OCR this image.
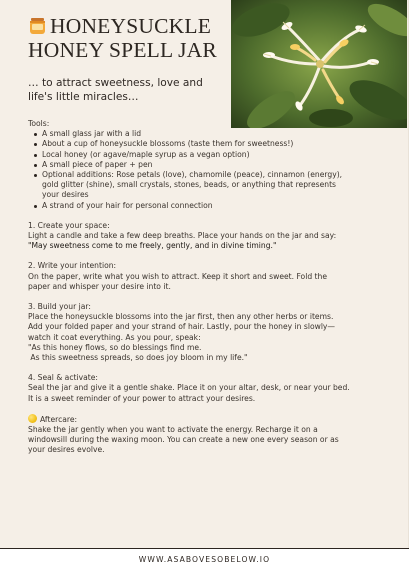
HONEYSUCKLE
HONEY SPELL JAR
… to attract sweetness, love and life's little miracles…

Tools:

A small glass jar with a lid
About a cup of honeysuckle blossoms (taste them for sweetness!)
Local honey (or agave/maple syrup as a vegan option)
A small piece of paper + pen
Optional additions: Rose petals (love), chamomile (peace), cinnamon (energy), gold glitter (shine), small crystals, stones, beads, or anything that represents your desires
A strand of your hair for personal connection

1. Create your space:

Light a candle and take a few deep breaths. Place your hands on the jar and say:

"May sweetness come to me freely, gently, and in divine timing."

2. Write your intention:

On the paper, write what you wish to attract. Keep it short and sweet. Fold the paper and whisper your desire into it.

3. Build your jar:

Place the honeysuckle blossoms into the jar first, then any other herbs or items. Add your folded paper and your strand of hair. Lastly, pour the honey in slowly—watch it coat everything. As you pour, speak:

"As this honey flows, so do blessings find me.

As this sweetness spreads, so does joy bloom in my life."

4. Seal & activate:

Seal the jar and give it a gentle shake. Place it on your altar, desk, or near your bed. It is a sweet reminder of your power to attract your desires.

Aftercare:

Shake the jar gently when you want to activate the energy. Recharge it on a windowsill during the waxing moon. You can create a new one every season or as your desires evolve.

WWW.ASABOVESOBELOW.IO
